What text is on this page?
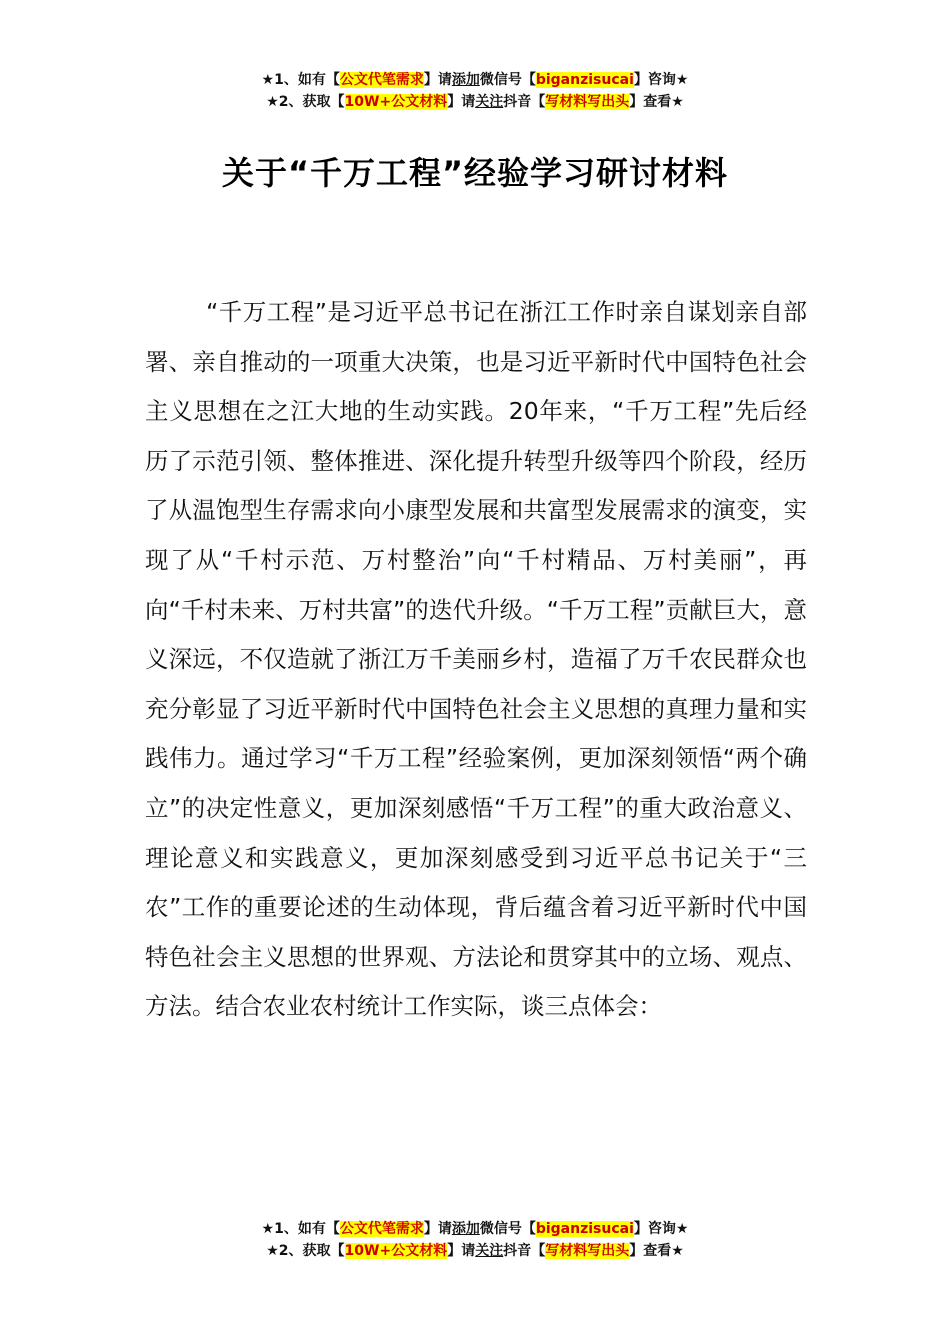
★1、如有【公文代笔需求】请添加微信号【biganzisucai】咨询★
★2、获取【10W+公文材料】请关注抖音【写材料写出头】查看★
关于“千万工程”经验学习研讨材料

“千万工程”是习近平总书记在浙江工作时亲自谋划亲自部署、亲自推动的一项重大决策，也是习近平新时代中国特色社会主义思想在之江大地的生动实践。20年来，“千万工程”先后经历了示范引领、整体推进、深化提升转型升级等四个阶段，经历了从温饱型生存需求向小康型发展和共富型发展需求的演变，实现了从“千村示范、万村整治”向“千村精品、万村美丽”，再向“千村未来、万村共富”的迭代升级。“千万工程”贡献巨大，意义深远，不仅造就了浙江万千美丽乡村，造福了万千农民群众也充分彰显了习近平新时代中国特色社会主义思想的真理力量和实践伟力。通过学习“千万工程”经验案例，更加深刻领悟“两个确立”的决定性意义，更加深刻感悟“千万工程”的重大政治意义、理论意义和实践意义，更加深刻感受到习近平总书记关于“三农”工作的重要论述的生动体现，背后蕴含着习近平新时代中国特色社会主义思想的世界观、方法论和贯穿其中的立场、观点、方法。结合农业农村统计工作实际，谈三点体会：

★1、如有【公文代笔需求】请添加微信号【biganzisucai】咨询★
★2、获取【10W+公文材料】请关注抖音【写材料写出头】查看★
